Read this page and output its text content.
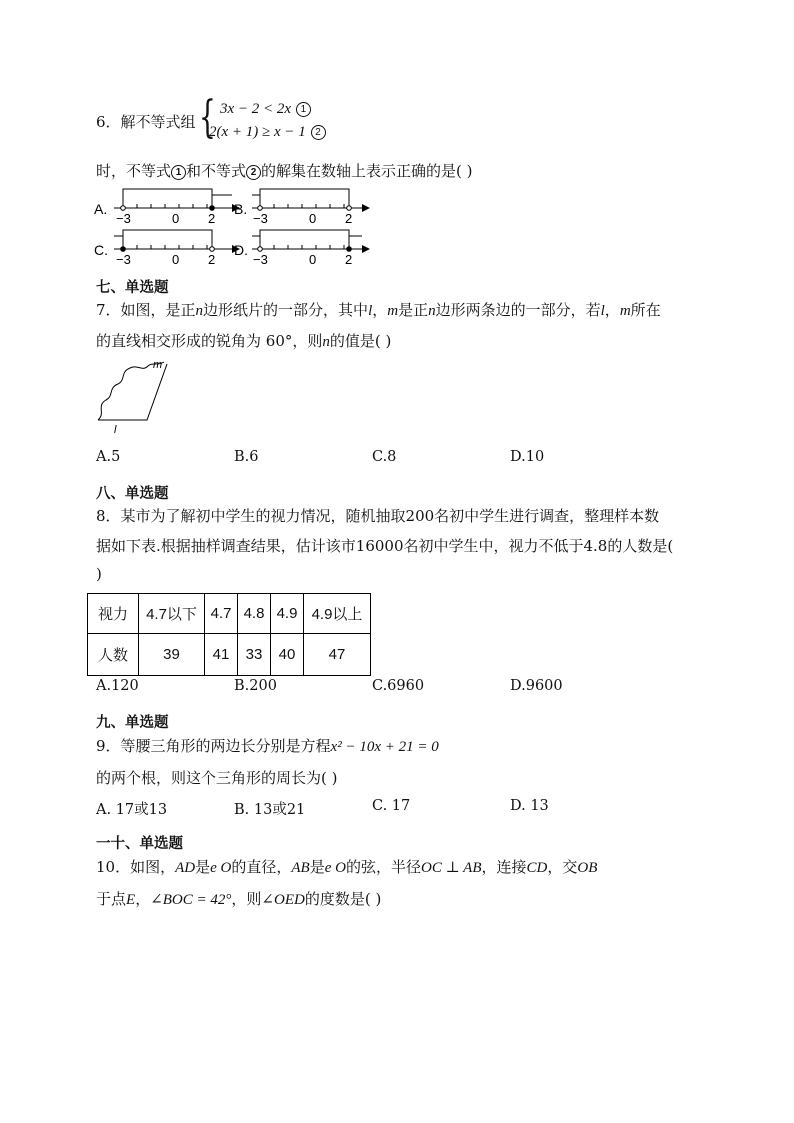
6．解不等式组 { 3x − 2 < 2x 1
2(x + 1) ≥ x − 1 2
时，不等式 1 和不等式 2 的解集在数轴上表示正确的是( )
A.
−3	0 2
B.
−3	0 2
C.
−3	0 2
D.
−3	0 2
七、单选题
7．如图，是正n边形纸片的一部分，其中l，m是正n边形两条边的一部分，若l，m所在
的直线相交形成的锐角为 60°，则n的值是( )
m
l
A.5	B.6	C.8	D.10
八、单选题
8．某市为了解初中学生的视力情况，随机抽取200名初中学生进行调查，整理样本数
据如下表.根据抽样调查结果，估计该市16000名初中学生中，视力不低于4.8的人数是(
)
视力	4.7以下	4.7	4.8	4.9	4.9以上
人数	39	41	33	40	47
A.120	B.200	C.6960	D.9600
九、单选题
9．等腰三角形的两边长分别是方程x² − 10x + 21 = 0
的两个根，则这个三角形的周长为( )
A. 17或13	B. 13或21	C. 17	D. 13
一十、单选题
10．如图，AD是e O的直径，AB是e O的弦，半径OC ⊥ AB，连接CD，交OB
于点E，∠BOC = 42°，则∠OED的度数是( )
